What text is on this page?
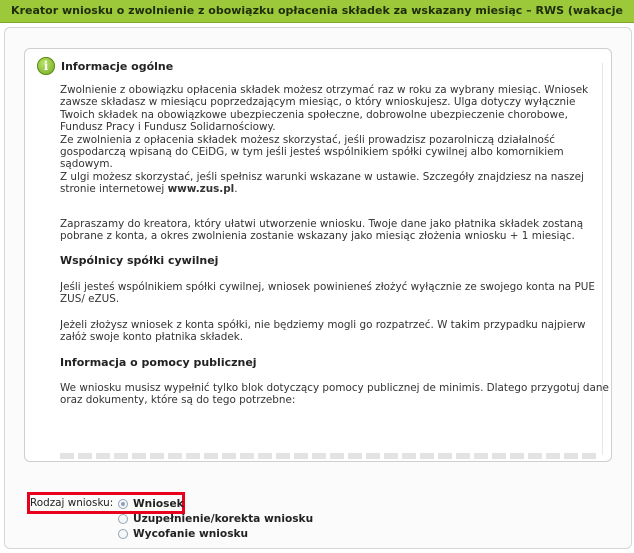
Kreator wniosku o zwolnienie z obowiązku opłacenia składek za wskazany miesiąc – RWS (wakacje
i	Informacje ogólne

Zwolnienie z obowiązku opłacenia składek możesz otrzymać raz w roku za wybrany miesiąc. Wniosek zawsze składasz w miesiącu poprzedzającym miesiąc, o który wnioskujesz. Ulga dotyczy wyłącznie Twoich składek na obowiązkowe ubezpieczenia społeczne, dobrowolne ubezpieczenie chorobowe, Fundusz Pracy i Fundusz Solidarnościowy.

Ze zwolnienia z opłacenia składek możesz skorzystać, jeśli prowadzisz pozarolniczą działalność gospodarczą wpisaną do CEiDG, w tym jeśli jesteś wspólnikiem spółki cywilnej albo komornikiem sądowym.

Z ulgi możesz skorzystać, jeśli spełnisz warunki wskazane w ustawie. Szczegóły znajdziesz na naszej stronie internetowej www.zus.pl.

Zapraszamy do kreatora, który ułatwi utworzenie wniosku. Twoje dane jako płatnika składek zostaną pobrane z konta, a okres zwolnienia zostanie wskazany jako miesiąc złożenia wniosku + 1 miesiąc.

Wspólnicy spółki cywilnej

Jeśli jesteś wspólnikiem spółki cywilnej, wniosek powinieneś złożyć wyłącznie ze swojego konta na PUE ZUS/ eZUS.

Jeżeli złożysz wniosek z konta spółki, nie będziemy mogli go rozpatrzeć. W takim przypadku najpierw załóż swoje konto płatnika składek.

Informacja o pomocy publicznej

We wniosku musisz wypełnić tylko blok dotyczący pomocy publicznej de minimis. Dlatego przygotuj dane oraz dokumenty, które są do tego potrzebne:

Rodzaj wniosku: Wniosek
Uzupełnienie/korekta wniosku
Wycofanie wniosku
